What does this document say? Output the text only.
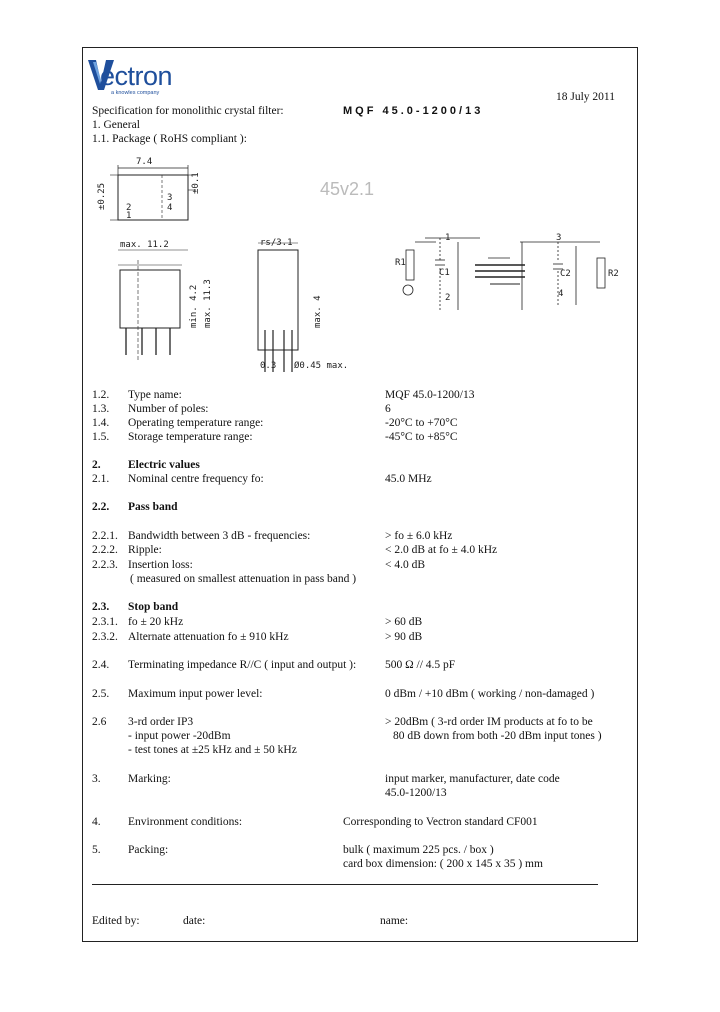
ectron
a knowles company	18 July 2011
Specification for monolithic crystal filter:	MQF 45.0-1200/13
1. General
1.1. Package ( RoHS compliant ):
7.4
2
1
3
4
±0.25	±0.1
max. 11.2
min. 4.2 max. 11.3
rs/3.1
max. 4
0.3 Ø0.45 max.
45v2.1
R1
C1
1
2
3
4
C2	R2
1.2. Type name:	MQF 45.0-1200/13
1.3. Number of poles:	6
1.4. Operating temperature range:	-20°C to +70°C
1.5. Storage temperature range:	-45°C to +85°C
2. Electric values
2.1. Nominal centre frequency fo:	45.0 MHz
2.2. Pass band
2.2.1. Bandwidth between 3 dB - frequencies:	> fo ± 6.0 kHz
2.2.2. Ripple:	< 2.0 dB at fo ± 4.0 kHz
2.2.3. Insertion loss:	< 4.0 dB
( measured on smallest attenuation in pass band )
2.3. Stop band
2.3.1. fo ± 20 kHz	> 60 dB
2.3.2. Alternate attenuation fo ± 910 kHz	> 90 dB
2.4. Terminating impedance R//C ( input and output ):	500 Ω // 4.5 pF
2.5. Maximum input power level:	0 dBm / +10 dBm ( working / non-damaged )
2.6 3-rd order IP3	> 20dBm ( 3-rd order IM products at fo to be
- input power -20dBm	80 dB down from both -20 dBm input tones )
- test tones at ±25 kHz and ± 50 kHz
3. Marking:	input marker, manufacturer, date code
45.0-1200/13
4. Environment conditions:	Corresponding to Vectron standard CF001
5. Packing:	bulk ( maximum 225 pcs. / box )
card box dimension: ( 200 x 145 x 35 ) mm
Edited by:	date:	name:
